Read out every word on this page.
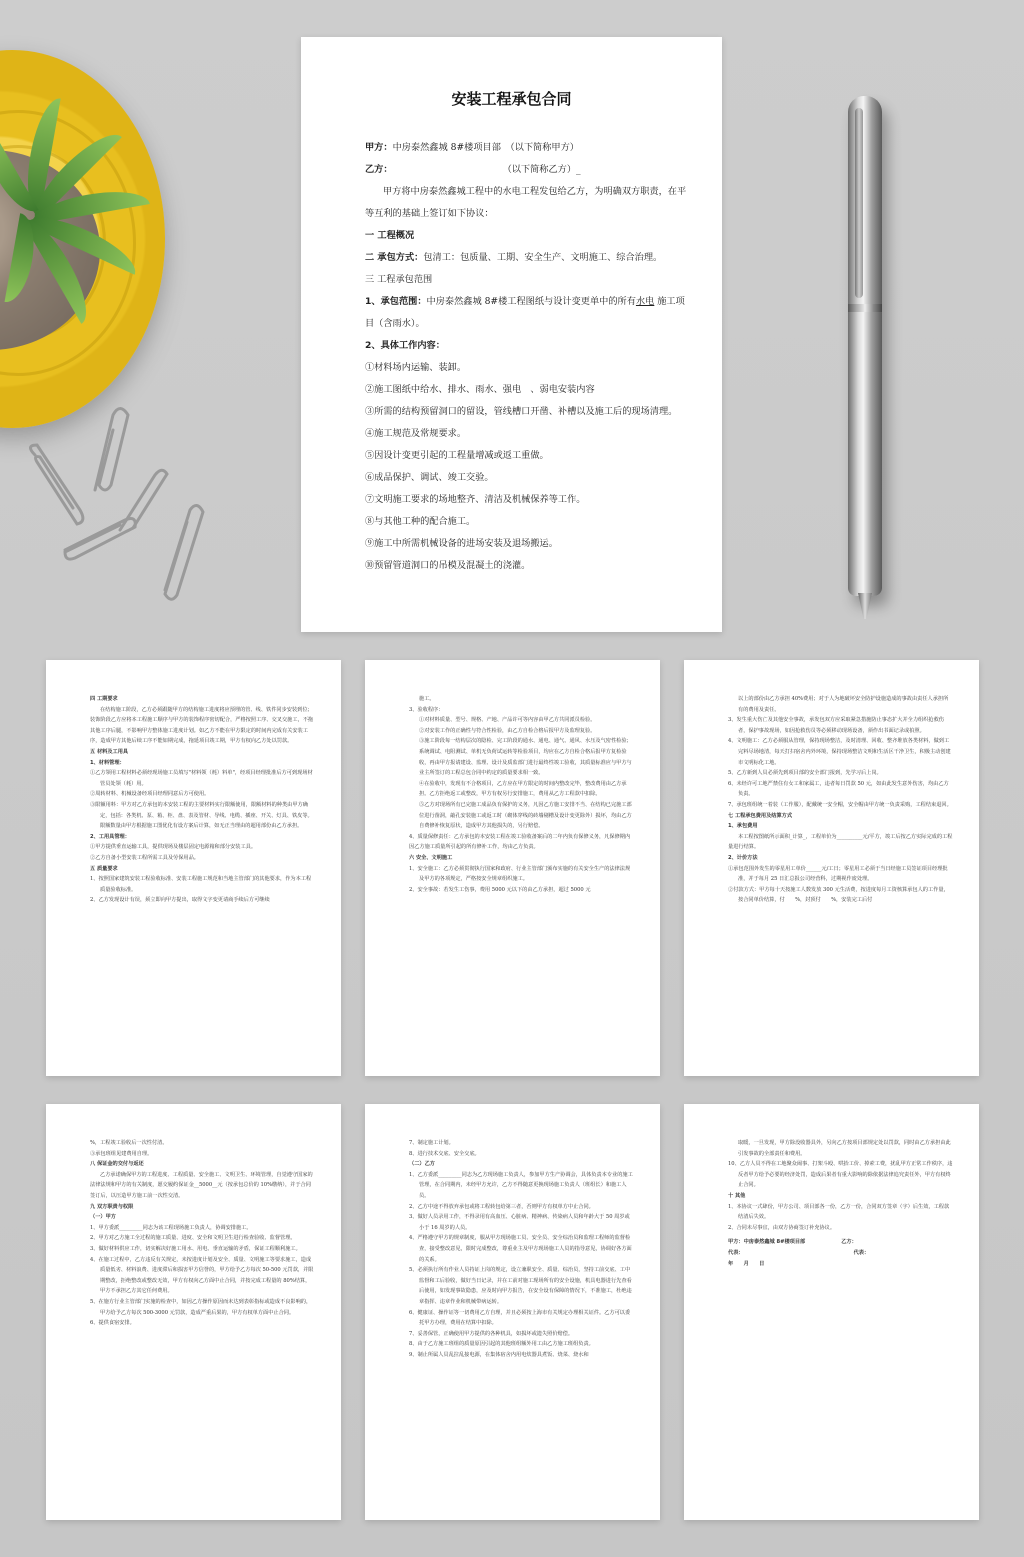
安装工程承包合同

甲方：中房泰然鑫城 8#楼项目部　（以下简称甲方）

乙方：	（以下简称乙方）_

甲方将中房泰然鑫城工程中的水电工程发包给乙方，为明确双方职责，在平

等互利的基础上签订如下协议：

一 工程概况

二 承包方式：包清工：包质量、工期、安全生产、文明施工、综合治理。

三 工程承包范围

1、承包范围：中房泰然鑫城 8#楼工程图纸与设计变更单中的所有水电 施工项

目（含雨水）。

2、具体工作内容：

①材料场内运输、装卸。

②施工图纸中给水、排水、雨水、强电　、弱电安装内容

③所需的结构预留洞口的留设，管线槽口开凿、补槽以及施工后的现场清理。

④施工规范及常规要求。

⑤因设计变更引起的工程量增减或返工重做。

⑥成品保护、调试、竣工交验。

⑦文明施工要求的场地整齐、清洁及机械保养等工作。

⑧与其他工种的配合施工。

⑨施工中所需机械设备的进场安装及退场搬运。

⑩预留管道洞口的吊模及混凝土的浇灌。

四 工期要求

在结构施工阶段，乙方必须跟随甲方的结构施工进度将应预埋的管、线、铁件同步安装到位；装饰阶段乙方应将本工程施工顺序与甲方的装饰程序密切配合，严格按照工序、交叉交施工，不拖其他工序后腿，不影响甲方整体施工进度计划。如乙方不能在甲方限定的时间内完成有关安装工序，造成甲方其他后续工序不能如期完成，拖延项目竣工期，甲方有权向乙方处以罚款。

五 材料及工用具

1、材料管理：

①乙方领用工程材料必须经现场施工员填写"材料领（耗）料单"，经项目经理批准后方可到现场材管员处领（耗）用。

②周转材料、机械设备经项目经理同意后方可使用。

③限额用料：甲方对乙方承包的本安装工程的主要材料实行限额使用，限额材料的种类由甲方确定，包括：各类机、泵、箱、柜、盘、表及管材、导线、电缆、插座、开关、灯具、铁皮等。限额数量由甲方根据施工图优化有设方案后计算，如无正当理由的超用部份由乙方承担。

2、工用具管理：

①甲方提供垂直运输工具，提供现场及楼层固定电源箱和部分安装工具。

②乙方自备小型安装工程所需工具及劳保用品。

五 质量要求

1、按照国家建筑安装工程验收标准、安装工程施工规范和当地主管部门的其他要求，作为本工程质量验收标准。

2、乙方发现设计有误，须立即向甲方提出，取得文字变更请商手续后方可继续

施工。

3、验收程序：

①对材料质量、型号、规格、产地、产品许可等内容由甲乙方共同派员检验。

②对安装工作的正确性与符合性检验，由乙方自检合格后报甲方及监理复验。

③施工阶段每一结构层次的隐检、完工阶段的通水、通电、通气、通风、水压及气密性检验；系统调试、电阻测试、单机无负荷试运转等检验项目，均应在乙方自检合格后报甲方复检验收，再由甲方报请建设、监理、设计及质监部门进行最终性竣工验收，其质量标准应与甲方与业主所签订的工程总包合同中约定的质量要求相一致。

④在验收中，发现有不合格项目，乙方应在甲方限定的时间内整改完毕，整改费用由乙方承担。乙方拒绝返工或整改，甲方有权另行安排施工，费用从乙方工程款中扣除。

⑤乙方对现场所有已完施工成品负有保护的义务，凡因乙方施工安排不当、在结构已完施工部位进行凿洞，敲孔安装施工或返工时（砌体穿线的砖墙剔槽及设计变更除外）损坏，均由乙方自费修补恢复原状，造成甲方其他损失的，另行赔偿。

4、质量保修责任：乙方承包的本安装工程在竣工验收备案后的二年内负有保修义务，凡保修期内因乙方施工质量所引起的所有修补工作，均由乙方负责。

六 安全、文明施工

1、安全施工：乙方必须贯彻执行国家和政府、行业主管部门颁布实施的有关安全生产的法律法规及甲方的各项规定，严格按安全规章组织施工。

2、安全事故：若发生工伤事，费用 5000 元以下的由乙方承担，超过 5000 元

以上的部份由乙方承担 40%费用；对于人为地破坏安全防护设施造成的事故由责任人承担所有的费用及责任。

3、发生重大伤亡及其他安全事故，承发包双方应采取紧急措施防止事态扩大并全力组织抢救伤者，保护事故现场，如因抢救伤员等必须移动现场设备，须作出书面记录或拍照。

4、文明施工：乙方必须服从管理，保持现场整洁，及时清理、回收、整齐堆放各类材料，做到工完料尽场地清，每天打扫宿舍内外环境，保持现场整洁文明和生活区干净卫生，积极主动创建市文明标化工地。

5、乙方新到人员必须先到项目部的安全部门报到，先学习后上岗。

6、未经许可工地严禁住有女工和家属工，违者每日罚款 50 元，如由此发生意外伤害，均由乙方负责。

7、承包班组统一着装（工作服），配戴统一安全帽，安全帽由甲方统一负责采购，工程结束退回。

七 工程承包费用及结算方式

1、承包费用

本工程按图纸所示面积_计算_，工程单价为__________元/平方，竣工后按乙方实际完成的工程量进行结算。

2、计价方法

①承包范围外发生的零星用工单价______元/工日；零星用工必须于当日经施工员签证项目经理批准，并于每月 25 日汇总报公司经营科，过期视作废处理。

②付款方式：甲方每十天按施工人数发放 300 元生活费，按进度每月工资核算承包人的工作量，按合同单价结算，付　　%，封顶付　　%，安装完工后付

%，工程竣工验收后一次性付清。

③承包班组见建费用自理。

八 保证金的交付与返还

乙方承诺确保甲方的工程进度、工程质量、安全施工、文明卫生、环境管理，自觉遵守国家的法律法规和甲方的有关制度，愿交履约保证金__5000__元（按承包总价的 10%缴纳），并于合同签订后，以压造甲方施工前一次性交清。

九 双方职责与权限

（一）甲方

1、甲方委派_________同志为该工程现场施工负责人，协调安排施工。

2、甲方对乙方施工全过程的施工质量、进度、安全和文明卫生进行检查验收、监督管理。

3、做好材料供应工作，切实解决好施工用水、用电、垂直运输的矛盾，保证工程顺利施工。

4、在施工过程中，乙方违反有关规定，未按进度计划及安全、质量、文明施工等要求施工，造成质量低劣、材料浪费、进度滞后和损害甲方信誉的，甲方给予乙方每次 50-500 元罚款，并限期整改，拒绝整改或整改无效，甲方有权向乙方面中止合同，并按完成工程量的 80%结算，甲方不承担乙方其它任何费用。

5、在施方行业主管部门实施的检查中，如因乙方操作原因而未达到表彰指标或造成不良影响的，甲方给予乙方每次 500-3000 元罚款，造成严重后果的，甲方有权单方面中止合同。

6、提供食宿安排。

7、制定施工计划。

8、进行技术交底、安全交底。

（二）乙方

1、乙方委派_________同志为乙方现场施工负责人，参加甲方生产协调会，具体负责本专业的施工管理，在合同期内，未经甲方允许，乙方不得随意更换现场施工负责人（班组长）和施工人员。

2、乙方中途不得放弃承包或将工程转包给第三者，否则甲方有权单方中止合同。

3、做好人员录用工作，不得录用有高血压、心脏病、精神病、传染病人员和年龄大于 50 周岁或小于 16 周岁的人员。

4、严格遵守甲方的规章制度，服从甲方现场施工员、安全员、安全综治员和监理工程师的监督检查，接受整改意见，限时完成整改，尊重业主及甲方现场施工人员的指导意见，协调好各方面的关系。

5、必须执行所有作业人员持证上岗的规定，设立兼职安全、质量、综治员，坚持工前交底、工中监督和工后验收，做好当日记录，并在工前对施工现场所有的安全设施，机具电器进行先查看后使用，如发现事故隐患，应及时向甲方报告，在安全设有保障的情况下，不准施工，杜绝违章指挥、违章作业和机械带病运转。

6、健康证、操作证等一切费用乙方自理，并且必须按上海市有关规定办理相关证件。乙方可以委托甲方办理，费用在结算中扣除。

7、妥善保管，正确使用甲方提供的各种机具，如损坏或遗失照价赔偿。

8、由于乙方施工班组的质量原因引起的其他班组额外用工由乙方施工班组负责。

9、制止所属人员乱拉乱接电源，在集体宿舍内用电炊器具煮饭、烧菜、烧水和

取暖，一旦发现，甲方除没收器具外，另向乙方按项目部规定处以罚款，同时由乙方承担由此引发事故的全部责任和费用。

10、乙方人员不得在工地聚众闹事、打架斗殴、哄抬工价、掉索工费，扰乱甲方正常工作秩序，违反者甲方给予必要的经济处罚，造成后果者有重大影响的除依据法律追究责任外，甲方有权终止合同。

十 其他

1、本协议一式肆份，甲方公司、项目部各一份，乙方一份，合同双方签章（字）后生效，工程款结清后失效。

2、合同未尽事宜，由双方协商签订补充协议。

甲方：中房泰然鑫城 8#楼项目部	乙方：

代表：	代表：

年　　月　　日
